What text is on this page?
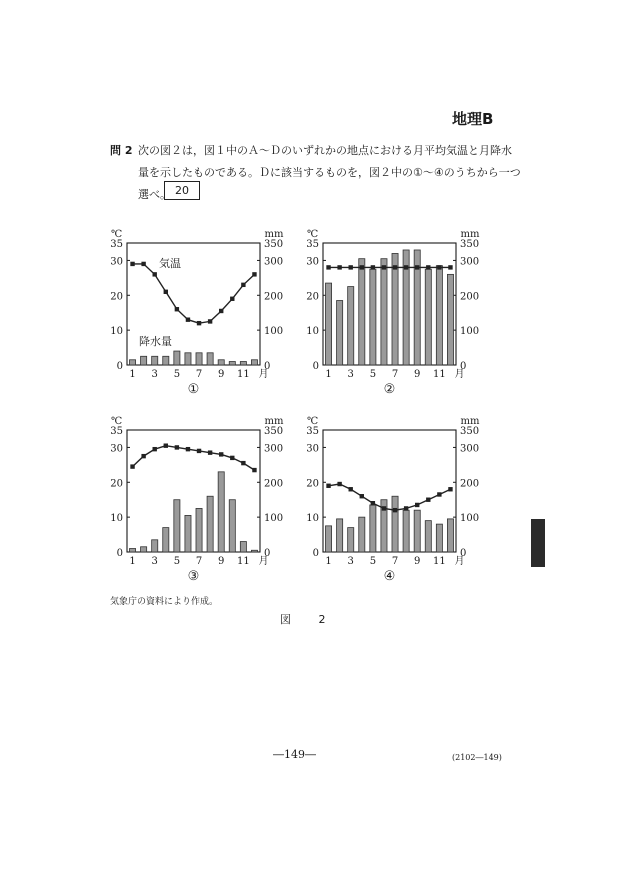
地理B
問 2 次の図２は，図１中のＡ～Ｄのいずれかの地点における月平均気温と月降水
量を示したものである。Ｄに該当するものを，図２中の①～④のうちから一つ
選べ。 20
℃	mm
0
10
20
30
35
0
100
200
300
350
1 3 5 7 9 11 月
①
気温
降水量
℃	mm
0
10
20
30
35
0
100
200
300
350
1 3 5 7 9 11 月
②
℃	mm
0
10
20
30
35
0
100
200
300
350
1 3 5 7 9 11 月
③
℃	mm
0
10
20
30
35
0
100
200
300
350
1 3 5 7 9 11 月
④
気象庁の資料により作成。
図 2
―149―	(2102―149)
